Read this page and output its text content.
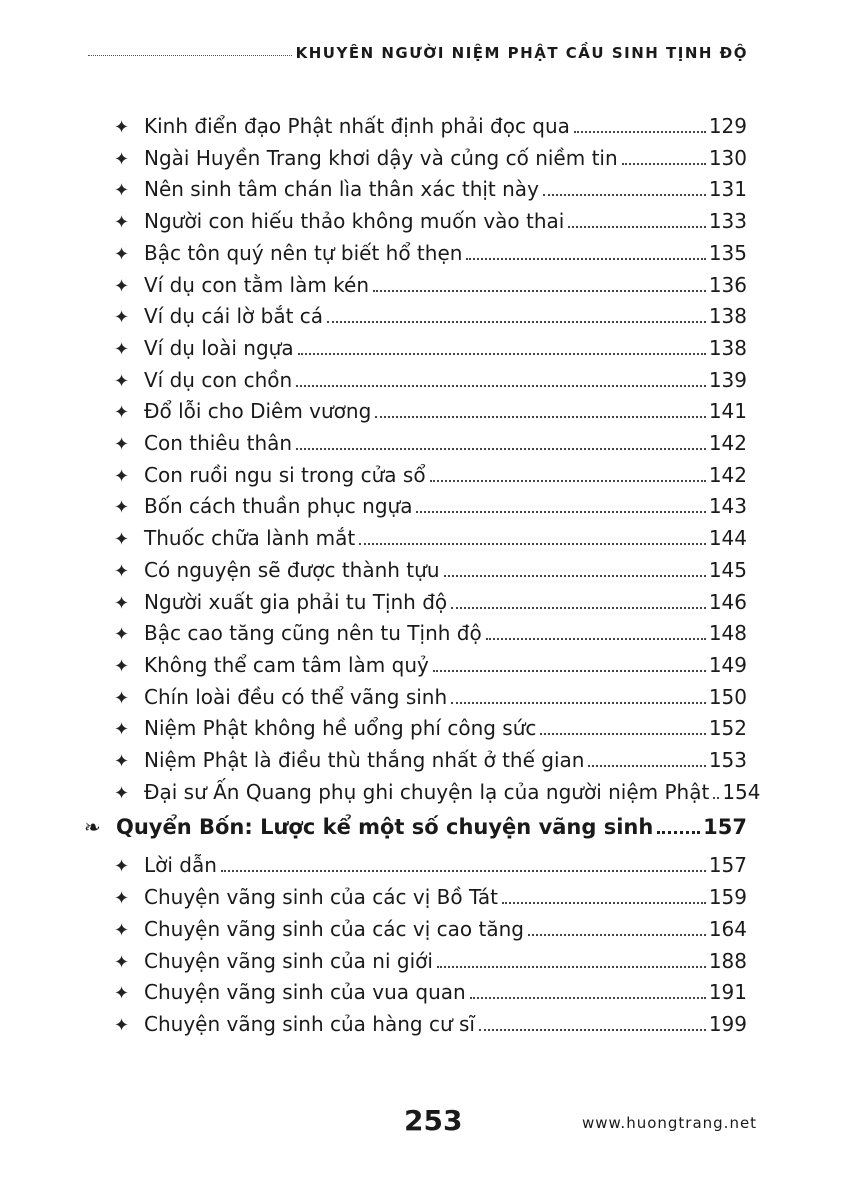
KHUYÊN NGƯỜI NIỆM PHẬT CẦU SINH TỊNH ĐỘ
✦ Kinh điển đạo Phật nhất định phải đọc qua	129
✦ Ngài Huyền Trang khơi dậy và củng cố niềm tin	130
✦ Nên sinh tâm chán lìa thân xác thịt này	131
✦ Người con hiếu thảo không muốn vào thai	133
✦ Bậc tôn quý nên tự biết hổ thẹn	135
✦ Ví dụ con tằm làm kén	136
✦ Ví dụ cái lờ bắt cá	138
✦ Ví dụ loài ngựa	138
✦ Ví dụ con chồn	139
✦ Đổ lỗi cho Diêm vương	141
✦ Con thiêu thân	142
✦ Con ruồi ngu si trong cửa sổ	142
✦ Bốn cách thuần phục ngựa	143
✦ Thuốc chữa lành mắt	144
✦ Có nguyện sẽ được thành tựu	145
✦ Người xuất gia phải tu Tịnh độ	146
✦ Bậc cao tăng cũng nên tu Tịnh độ	148
✦ Không thể cam tâm làm quỷ	149
✦ Chín loài đều có thể vãng sinh	150
✦ Niệm Phật không hề uổng phí công sức	152
✦ Niệm Phật là điều thù thắng nhất ở thế gian	153
✦ Đại sư Ấn Quang phụ ghi chuyện lạ của người niệm Phật 154
❧ Quyển Bốn: Lược kể một số chuyện vãng sinh 157
✦ Lời dẫn	157
✦ Chuyện vãng sinh của các vị Bồ Tát	159
✦ Chuyện vãng sinh của các vị cao tăng	164
✦ Chuyện vãng sinh của ni giới	188
✦ Chuyện vãng sinh của vua quan	191
✦ Chuyện vãng sinh của hàng cư sĩ	199
253	www.huongtrang.net
